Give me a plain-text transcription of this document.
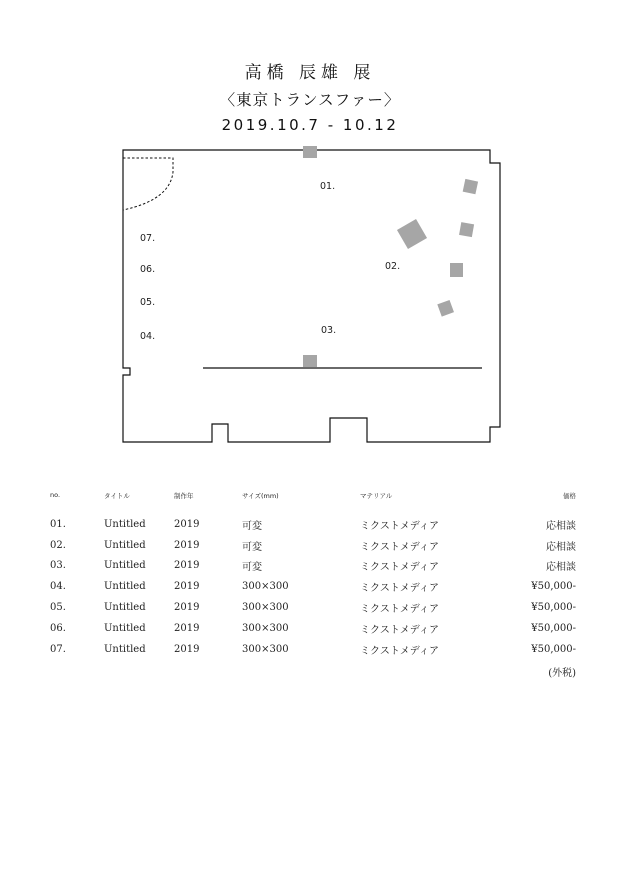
高橋 辰雄 展
〈東京トランスファー〉
2019.10.7 - 10.12
01.
02.
03.
04.
05.
06.
07.
no.	タイトル	制作年	サイズ(mm)	マテリアル	価格
01.	Untitled	2019	可変	ミクストメディア	応相談
02.	Untitled	2019	可変	ミクストメディア	応相談
03.	Untitled	2019	可変	ミクストメディア	応相談
04.	Untitled	2019	300×300	ミクストメディア	¥50,000-
05.	Untitled	2019	300×300	ミクストメディア	¥50,000-
06.	Untitled	2019	300×300	ミクストメディア	¥50,000-
07.	Untitled	2019	300×300	ミクストメディア	¥50,000-
(外税)
